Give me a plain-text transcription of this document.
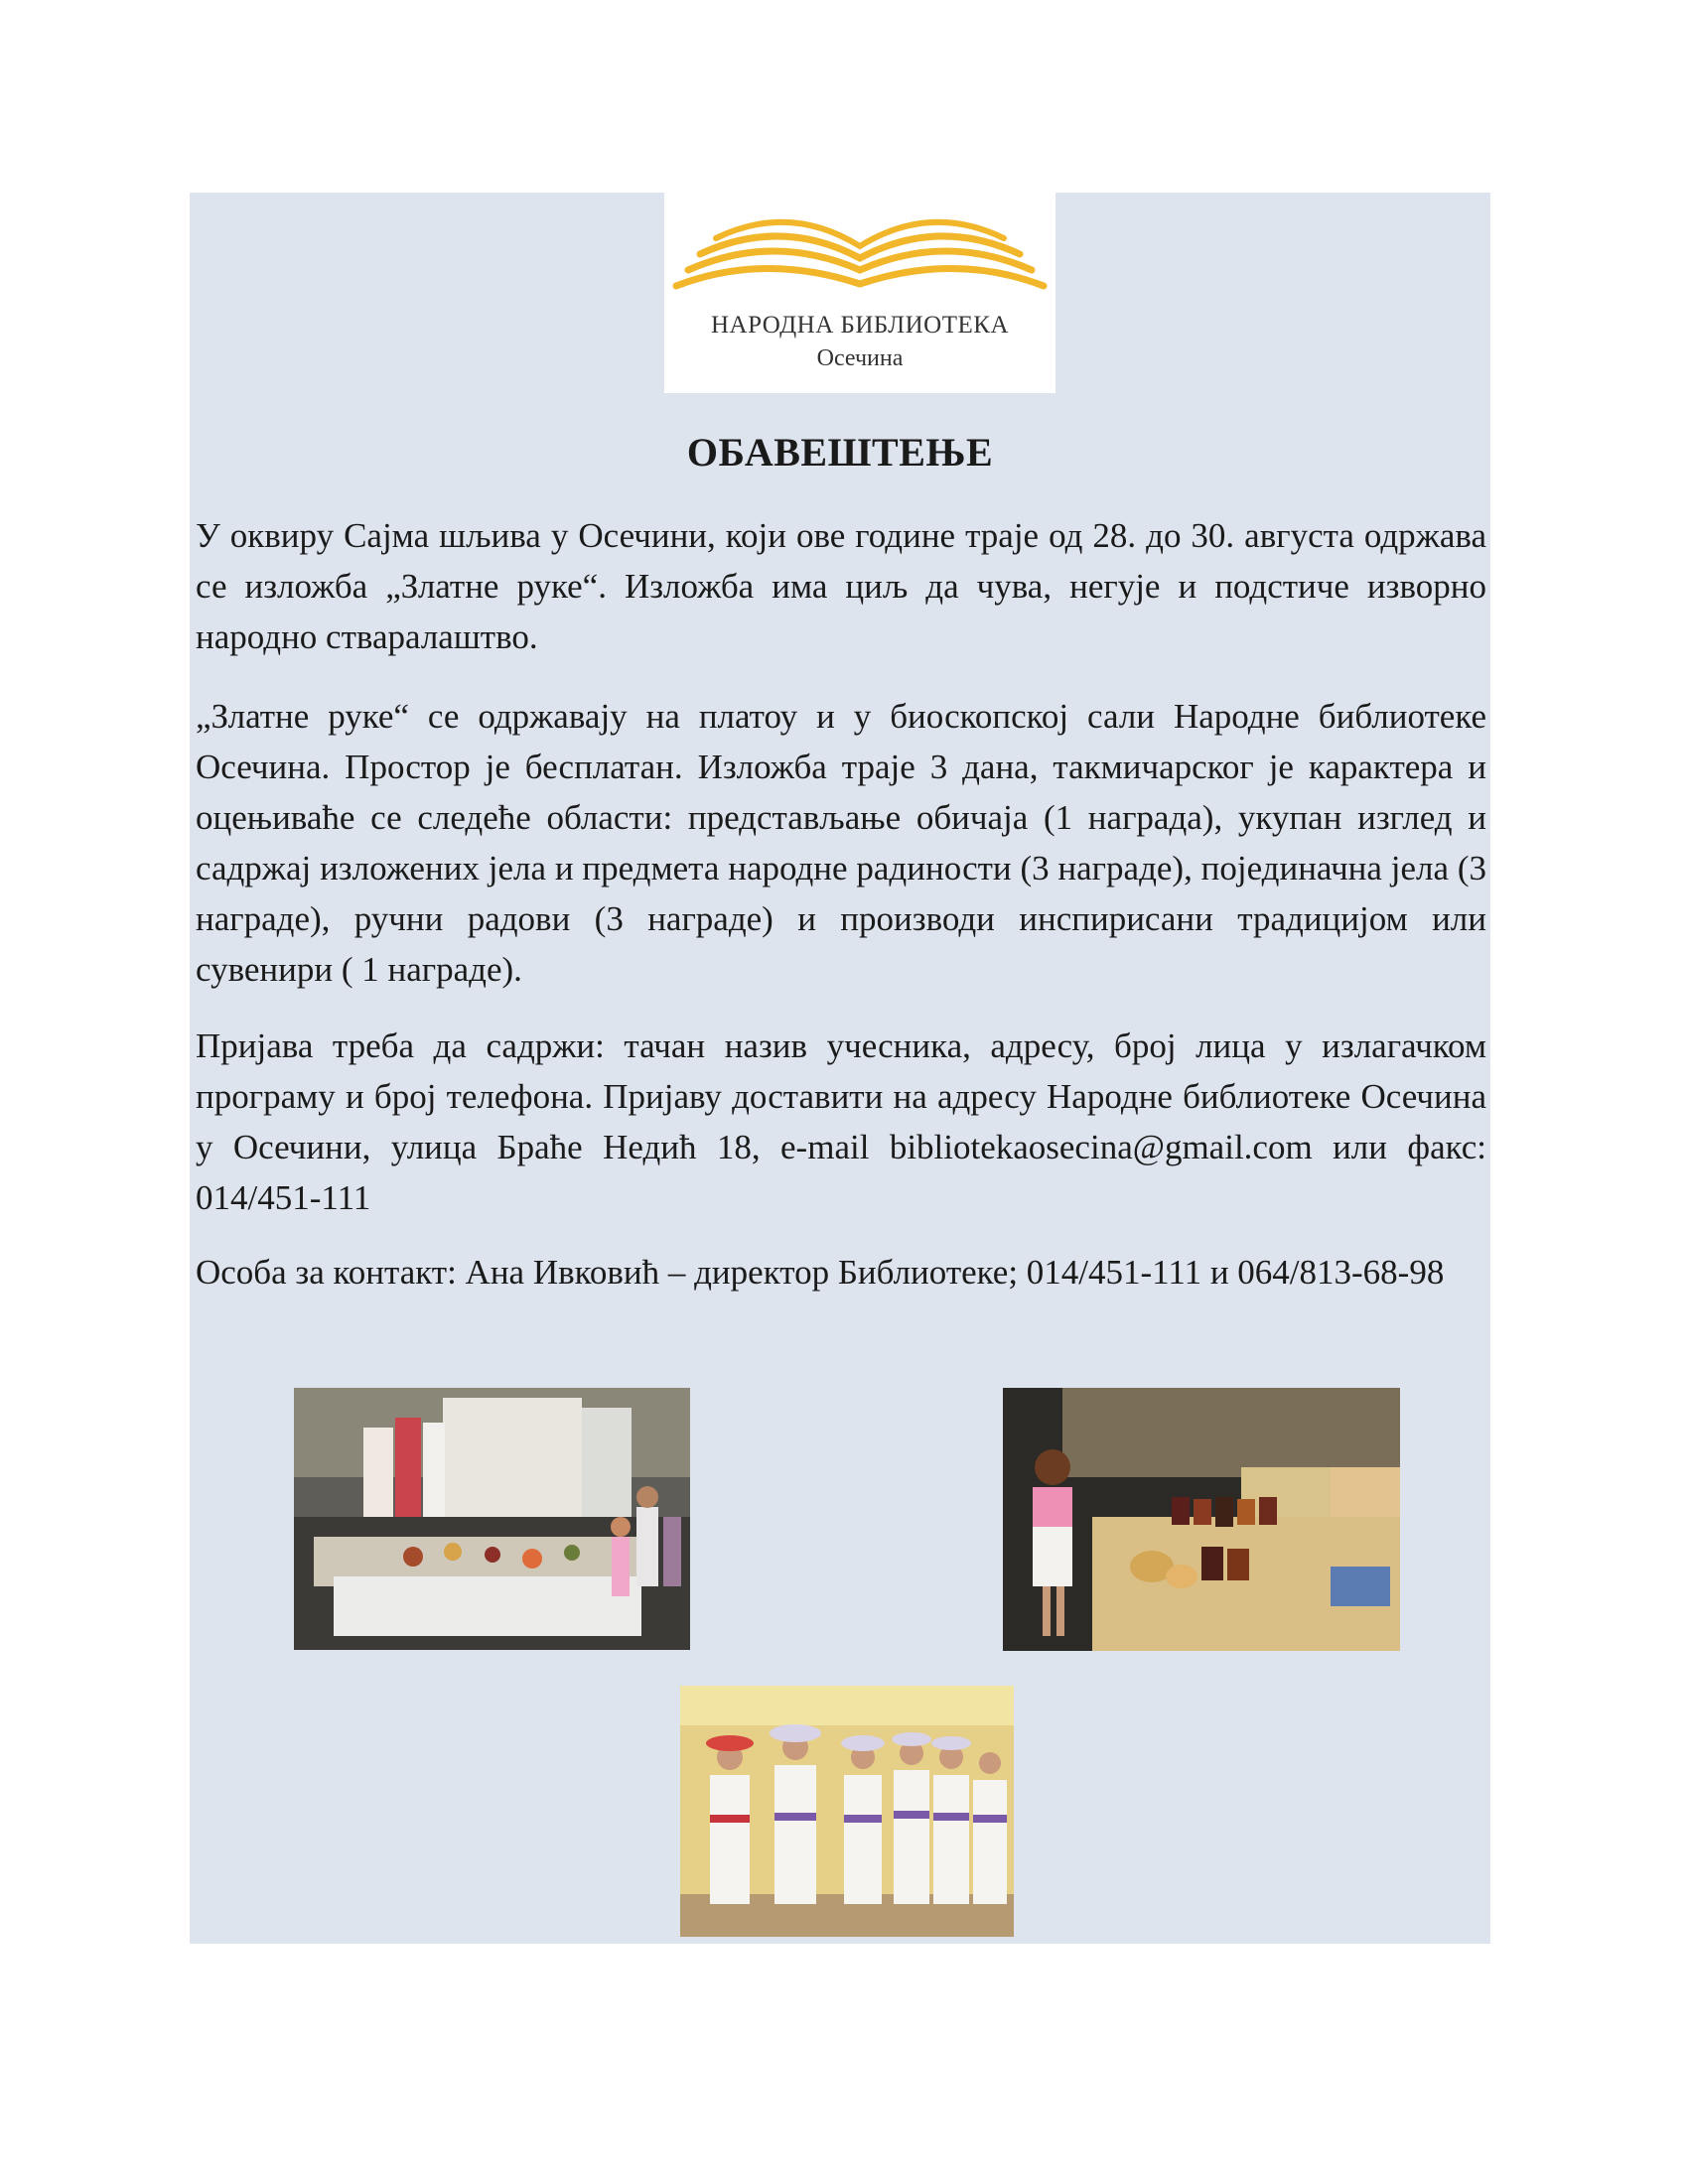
НАРОДНА БИБЛИОТЕКА
Осечина
ОБАВЕШТЕЊЕ

У оквиру Сајма шљива у Осечини, који ове године траје од 28. до 30. августа одржава се изложба „Златне руке“. Изложба има циљ да чува, негује и подстиче изворно народно стваралаштво.

„Златне руке“ се одржавају на платоу и у биоскопској сали Народне библиотеке Осечина. Простор је бесплатан. Изложба траје 3 дана, такмичарског је карактера и оцењиваће се следеће области: представљање обичаја (1 награда), укупан изглед и садржај изложених јела и предмета народне радиности (3 награде), појединачна јела (3 награде), ручни радови (3 награде) и производи инспирисани традицијом или сувенири ( 1 награде).

Пријава треба да садржи: тачан назив учесника, адресу, број лица у излагачком програму и број телефона. Пријаву доставити на адресу Народне библиотеке Осечина у Осечини, улица Браће Недић 18, e-mail bibliotekaosecina@gmail.com или факс: 014/451-111

Особа за контакт: Ана Ивковић – директор Библиотеке; 014/451-111 и 064/813-68-98
